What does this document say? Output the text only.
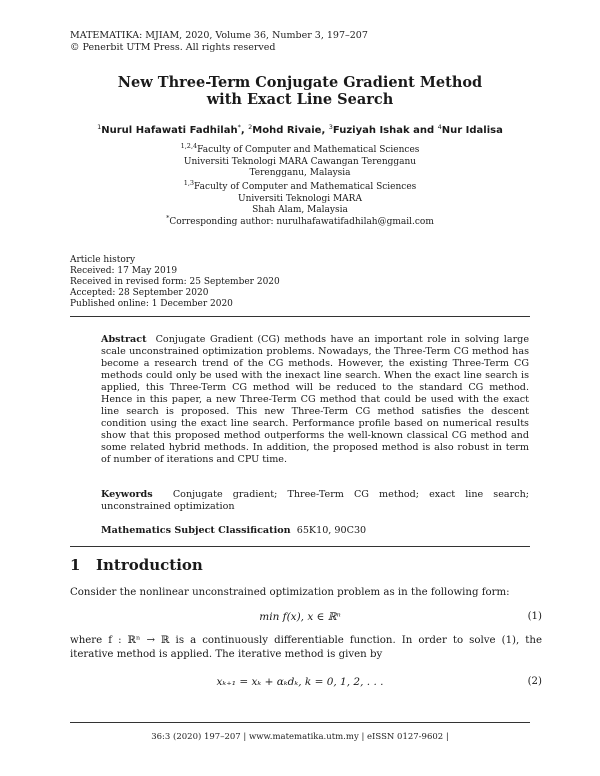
MATEMATIKA: MJIAM, 2020, Volume 36, Number 3, 197–207
© Penerbit UTM Press. All rights reserved
New Three-Term Conjugate Gradient Method
with Exact Line Search
$^1$Nurul Hafawati Fadhilah*, $^2$Mohd Rivaie, $^3$Fuziyah Ishak and $^4$Nur Idalisa
$^{1,2,4}$Faculty of Computer and Mathematical Sciences
Universiti Teknologi MARA Cawangan Terengganu
Terengganu, Malaysia
$^{1,3}$Faculty of Computer and Mathematical Sciences
Universiti Teknologi MARA
Shah Alam, Malaysia
*Corresponding author: nurulhafawatifadhilah@gmail.com
Article history
Received: 17 May 2019
Received in revised form: 25 September 2020
Accepted: 28 September 2020
Published online: 1 December 2020
Abstract Conjugate Gradient (CG) methods have an important role in solving large scale unconstrained optimization problems. Nowadays, the Three-Term CG method has become a research trend of the CG methods. However, the existing Three-Term CG methods could only be used with the inexact line search. When the exact line search is applied, this Three-Term CG method will be reduced to the standard CG method. Hence in this paper, a new Three-Term CG method that could be used with the exact line search is proposed. This new Three-Term CG method satisfies the descent condition using the exact line search. Performance profile based on numerical results show that this proposed method outperforms the well-known classical CG method and some related hybrid methods. In addition, the proposed method is also robust in term of number of iterations and CPU time.
Keywords Conjugate gradient; Three-Term CG method; exact line search; unconstrained optimization
Mathematics Subject Classification 65K10, 90C30
1 Introduction
Consider the nonlinear unconstrained optimization problem as in the following form:
min f(x), x ∈ ℝⁿ	(1)
where f : ℝⁿ → ℝ is a continuously differentiable function. In order to solve (1), the iterative method is applied. The iterative method is given by
xₖ₊₁ = xₖ + αₖdₖ, k = 0, 1, 2, . . .	(2)
36:3 (2020) 197–207 | www.matematika.utm.my | eISSN 0127-9602 |
